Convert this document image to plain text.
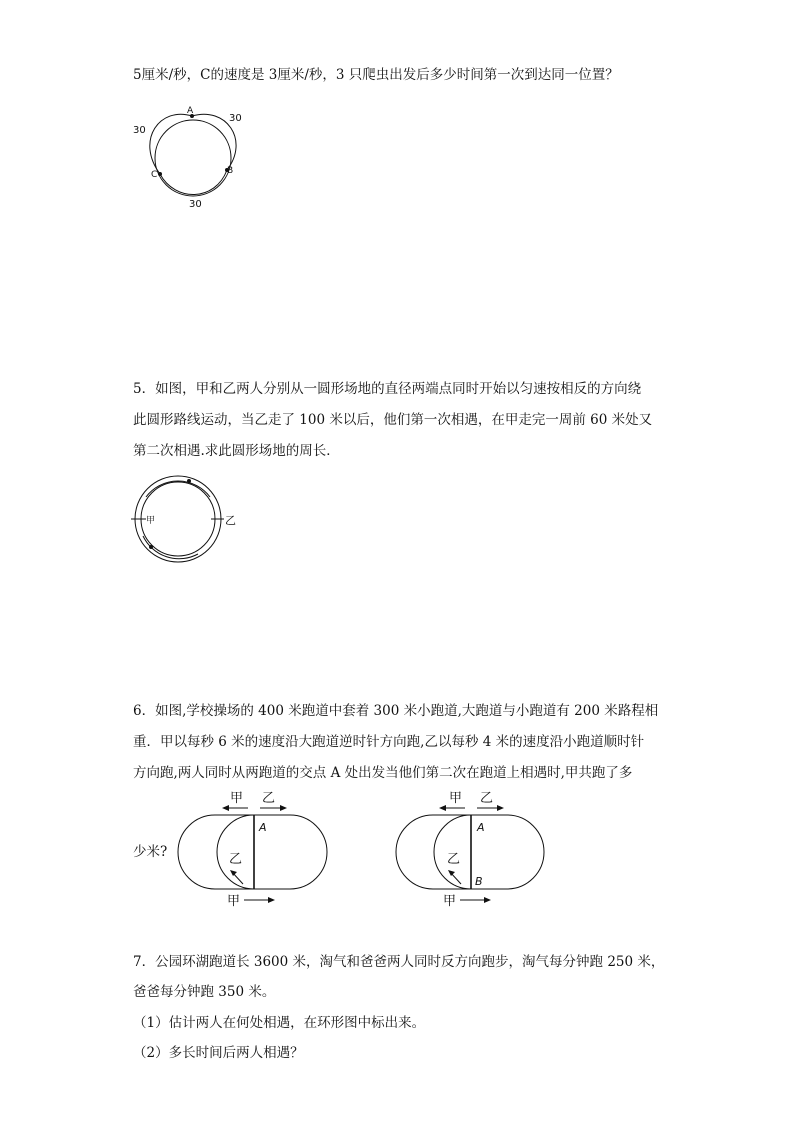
5厘米/秒，C的速度是 3厘米/秒，3 只爬虫出发后多少时间第一次到达同一位置？
A
B
C
30
30
30
5．如图，甲和乙两人分别从一圆形场地的直径两端点同时开始以匀速按相反的方向绕
此圆形路线运动，当乙走了 100 米以后，他们第一次相遇，在甲走完一周前 60 米处又
第二次相遇.求此圆形场地的周长．
甲	乙
6．如图,学校操场的 400 米跑道中套着 300 米小跑道,大跑道与小跑道有 200 米路程相
重．甲以每秒 6 米的速度沿大跑道逆时针方向跑,乙以每秒 4 米的速度沿小跑道顺时针
方向跑,两人同时从两跑道的交点 A 处出发当他们第二次在跑道上相遇时,甲共跑了多
少米?
甲 乙
A
乙
甲
甲 乙
A
乙
B
甲
7．公园环湖跑道长 3600 米，淘气和爸爸两人同时反方向跑步，淘气每分钟跑 250 米，
爸爸每分钟跑 350 米。
（1）估计两人在何处相遇，在环形图中标出来。
（2）多长时间后两人相遇？
